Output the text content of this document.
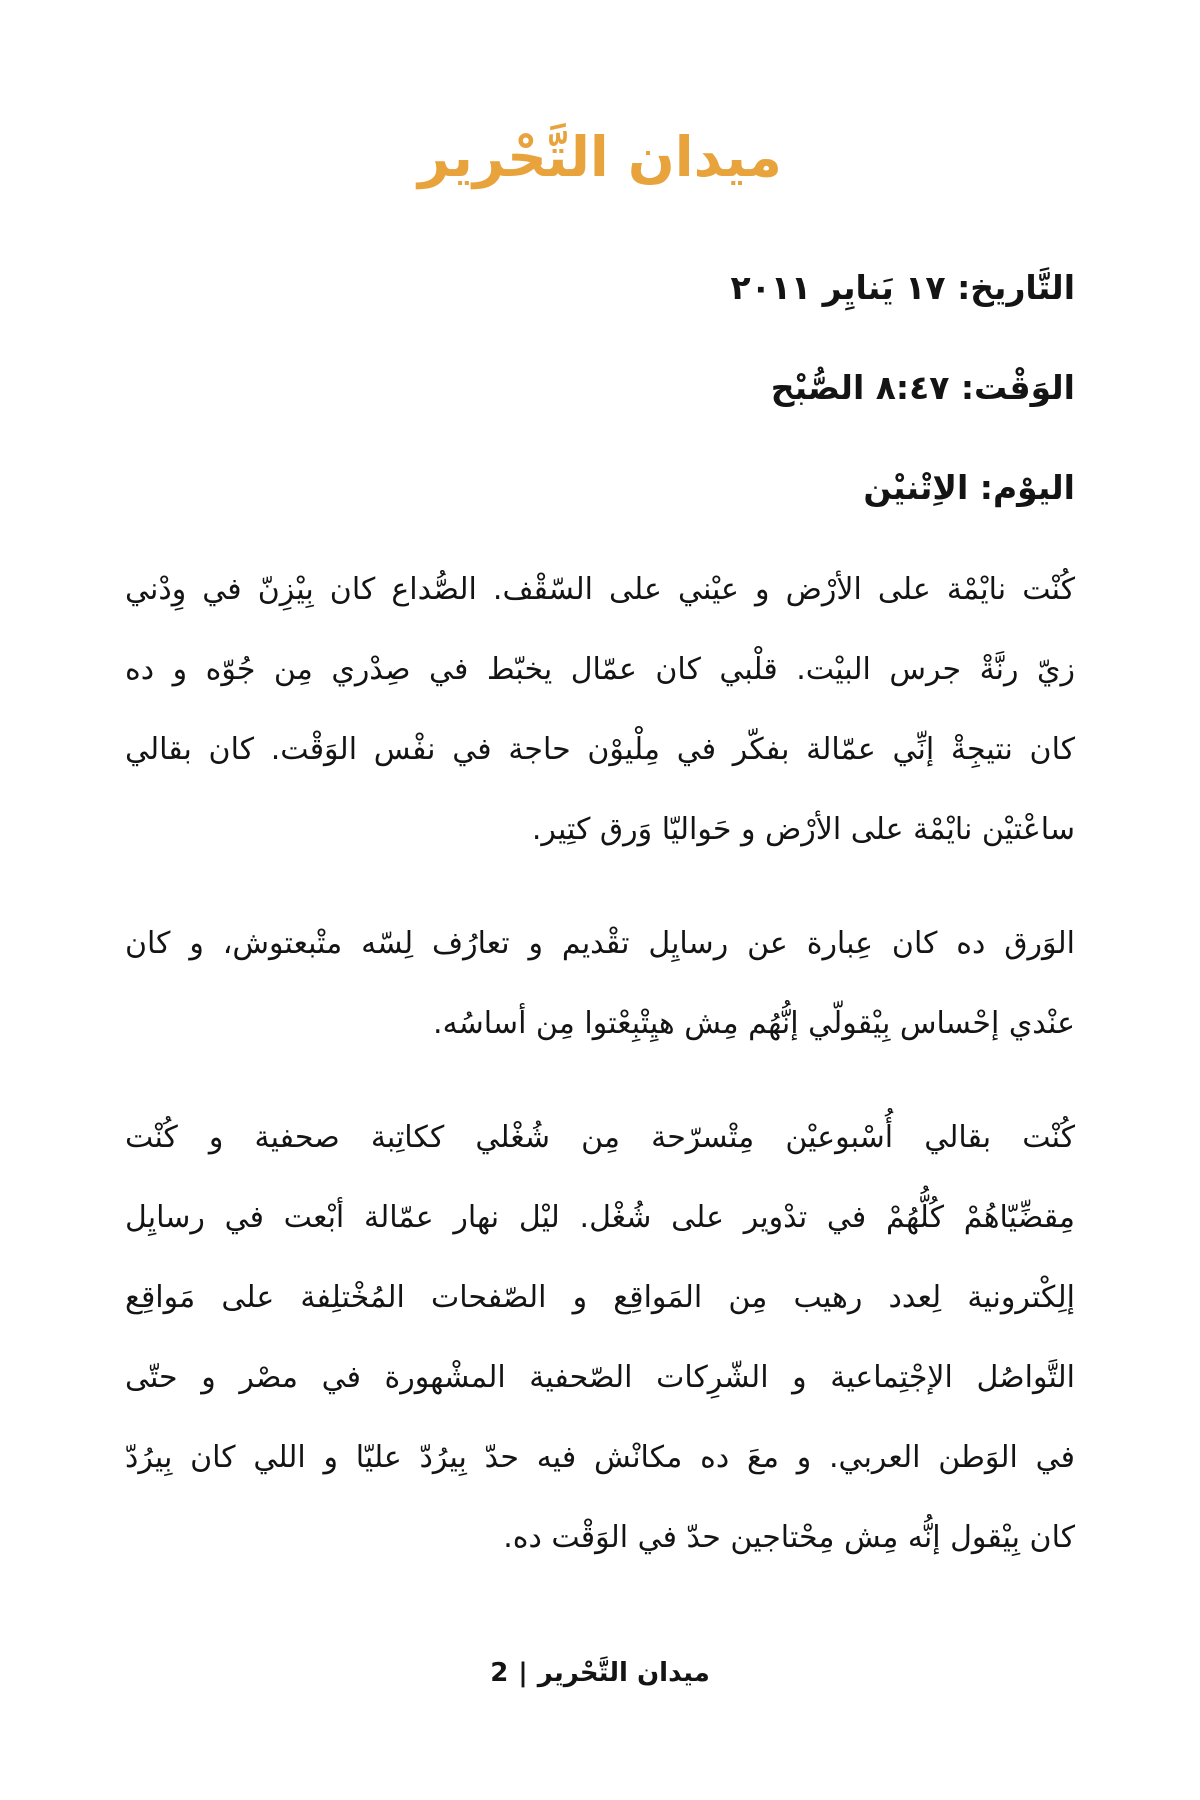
ميدان التَّحْرير
التَّاريخ: ١٧ يَنايِر ٢٠١١
الوَقْت: ٨:٤٧ الصُّبْح
اليوْم: الاِتْنيْن
كُنْت نايْمْة على الأرْض و عيْني على السّقْف. الصُّداع كان بِيْزِنّ في وِدْني
زيّ رنَّةْ جرس البيْت. قلْبي كان عمّال يخبّط في صِدْري مِن جُوّه و ده
كان نتيجِةْ إنِّي عمّالة بفكّر في مِلْيوْن حاجة في نفْس الوَقْت. كان بقالي
ساعْتيْن نايْمْة على الأرْض و حَواليّا وَرق كتِير.
الوَرق ده كان عِبارة عن رسايِل تقْديم و تعارُف لِسّه متْبعتوش، و كان
عنْدي إحْساس بِيْقولّي إنُّهُم مِش هيِتْبِعْتوا مِن أساسُه.
كُنْت بقالي أُسْبوعيْن مِتْسرّحة مِن شُغْلي ككاتِبة صحفية و كُنْت
مِقضِّيّاهُمْ كُلُّهُمْ في تدْوير على شُغْل. ليْل نهار عمّالة أبْعت في رسايِل
إلِكْترونية لِعدد رهيب مِن المَواقِع و الصّفحات المُخْتلِفة على مَواقِع
التَّواصُل الإجْتِماعية و الشّرِكات الصّحفية المشْهورة في مصْر و حتّى
في الوَطن العربي. و معَ ده مكانْش فيه حدّ بِيرُدّ عليّا و اللي كان بِيرُدّ
كان بِيْقول إنُّه مِش مِحْتاجين حدّ في الوَقْت ده.
ميدان التَّحْرير|2
